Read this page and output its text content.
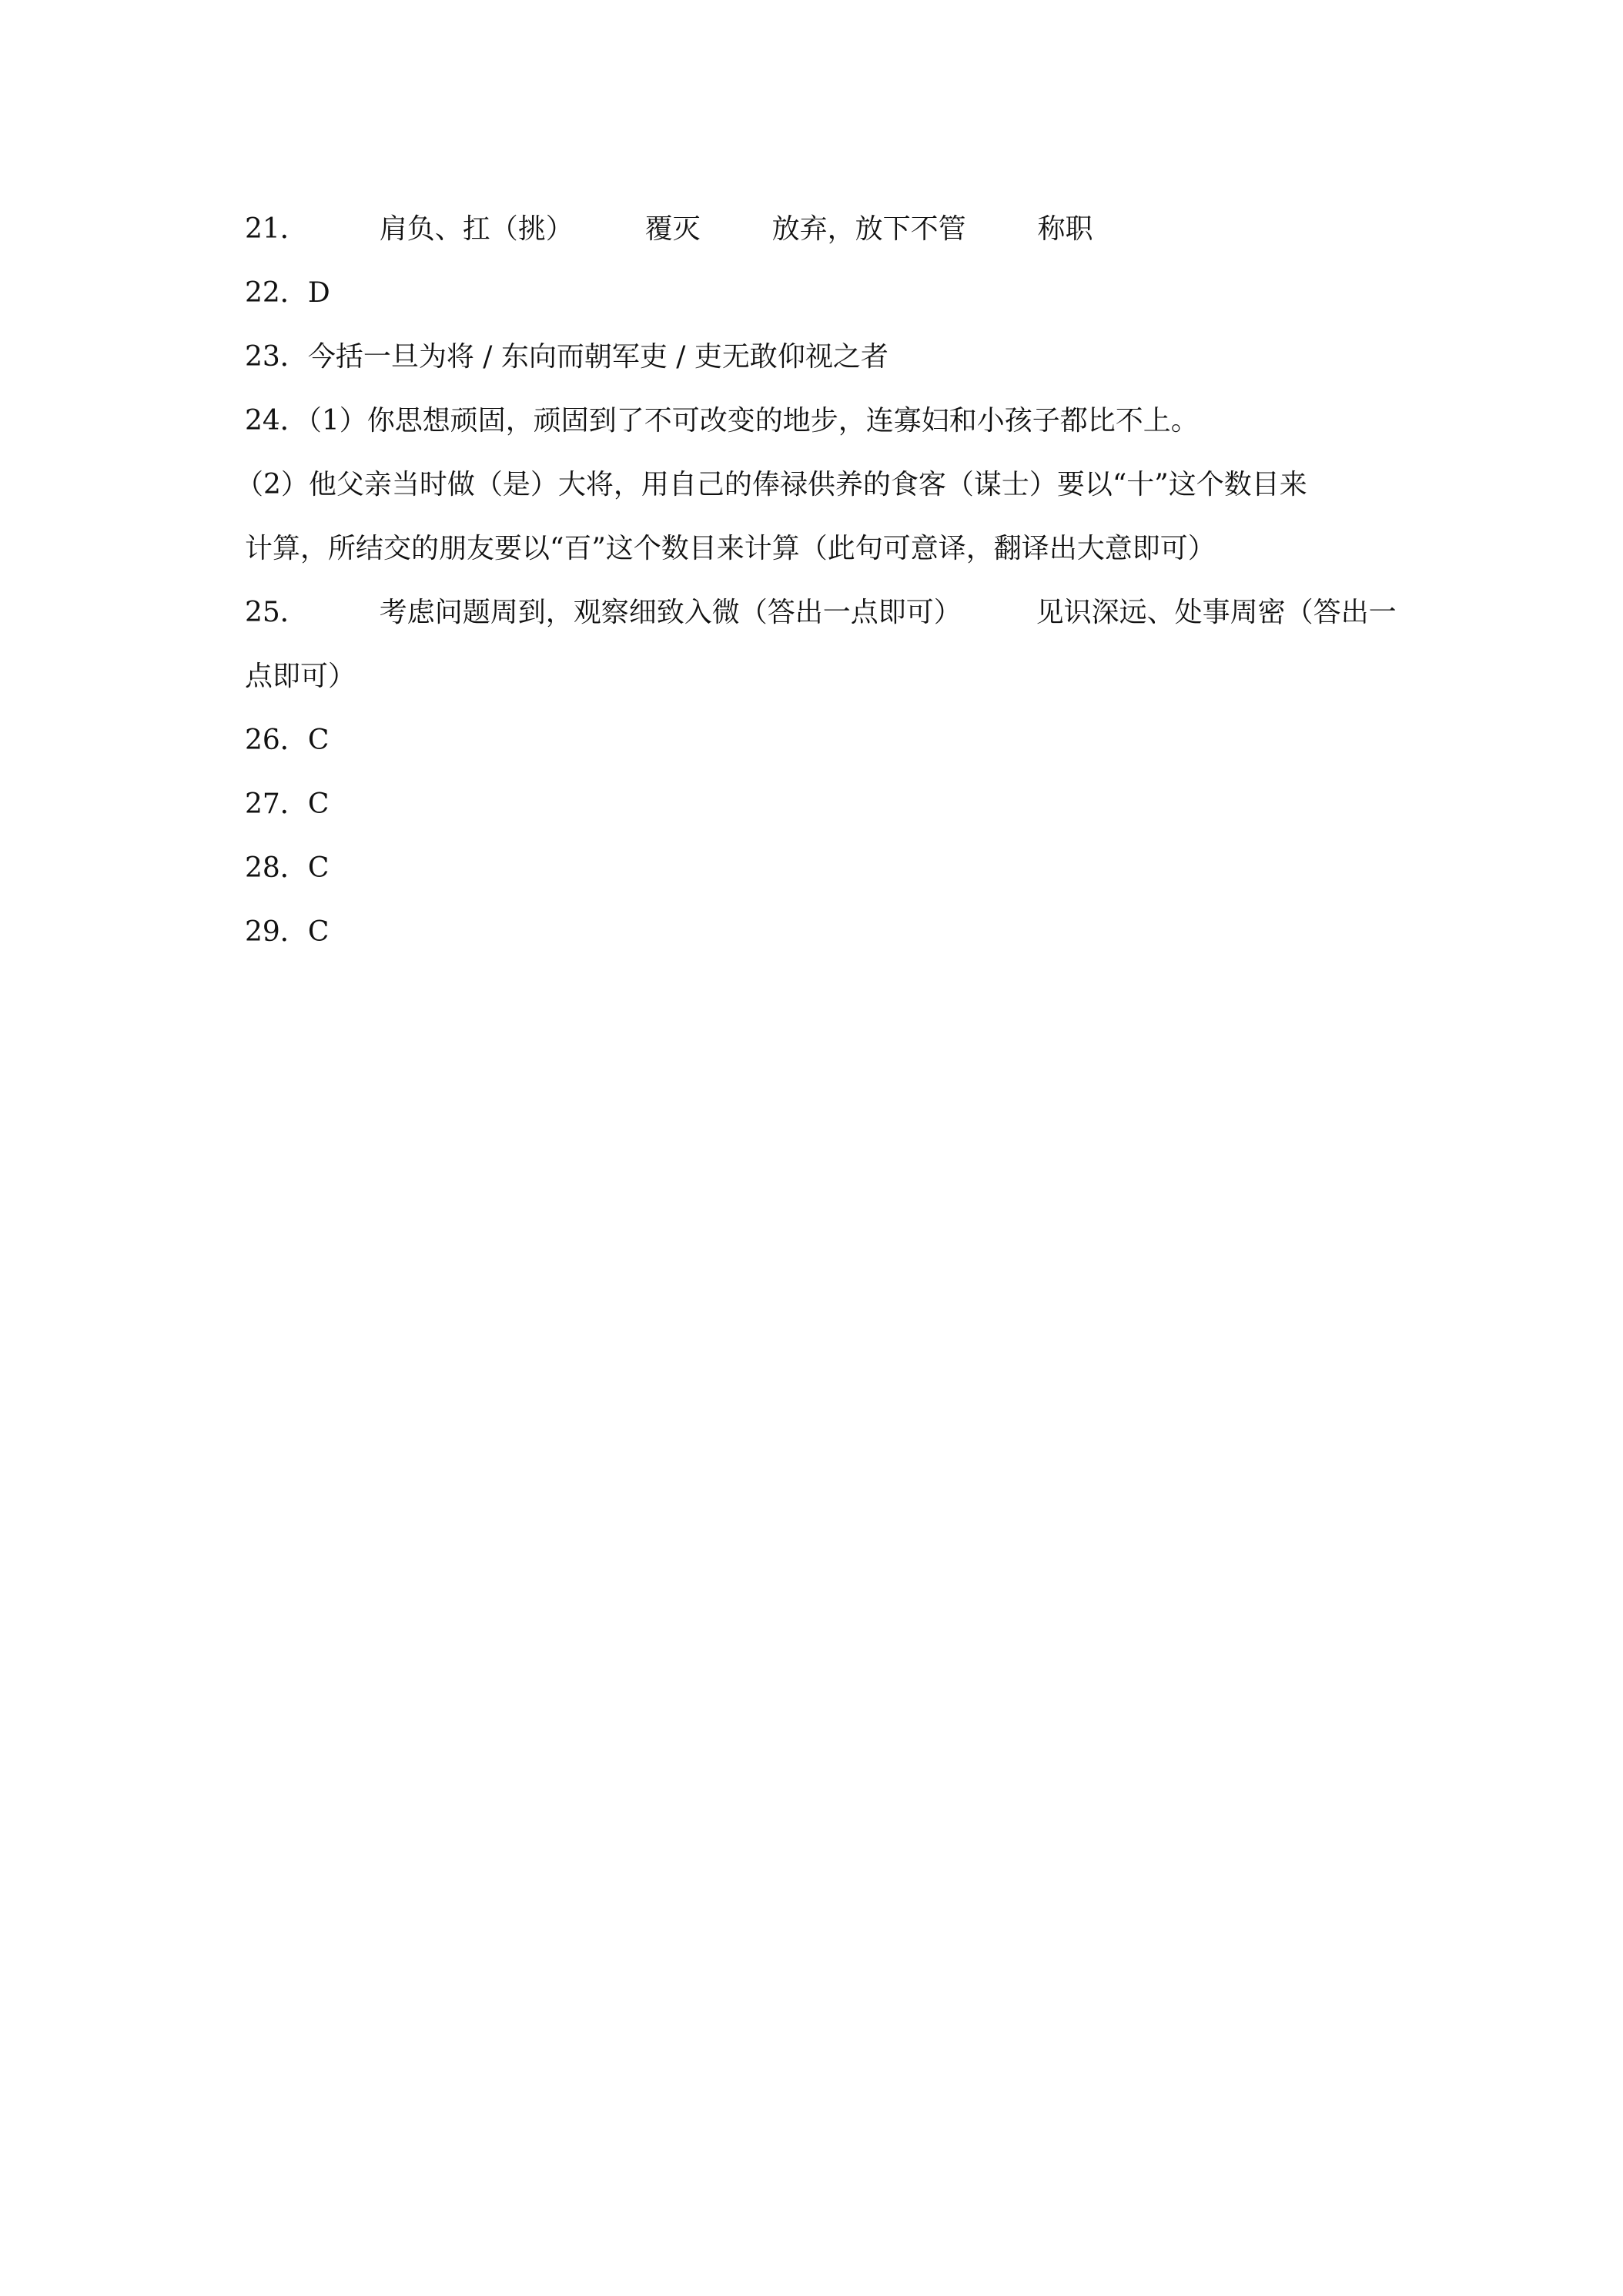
21．	肩负、扛（挑）	覆灭	放弃，放下不管	称职
22．D
23．今括一旦为将 / 东向而朝军吏 / 吏无敢仰视之者
24．（1）你思想顽固，顽固到了不可改变的地步，连寡妇和小孩子都比不上。
（2）他父亲当时做（是）大将，用自己的俸禄供养的食客（谋士）要以“十”这个数目来
计算，所结交的朋友要以“百”这个数目来计算（此句可意译，翻译出大意即可）
25．	考虑问题周到，观察细致入微（答出一点即可）	见识深远、处事周密（答出一
点即可）
26．C
27．C
28．C
29．C
